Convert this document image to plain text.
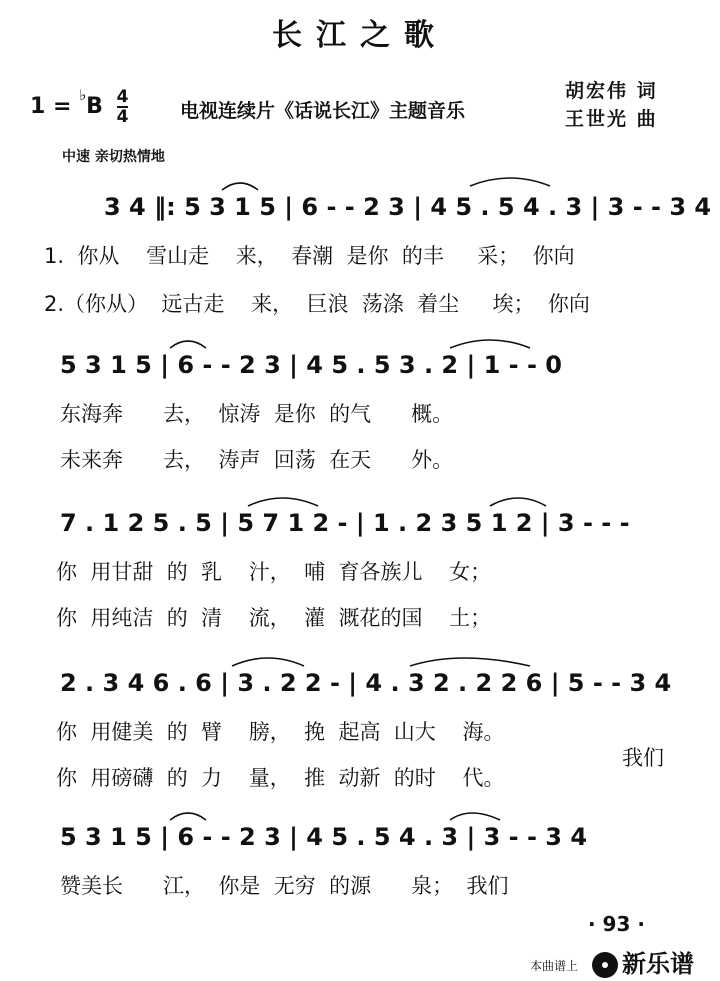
长江之歌
$1 = ^♭B \frac{4}{4}$	电视连续片《话说长江》主题音乐
胡宏伟 词
王世光 曲
中速 亲切热情地
3 4 ‖: 5 3 1 5 | 6 - - 2 3 | 4 5 . 5 4 . 3 | 3 - - 3 4
1.  你从    雪山走    来，  春潮  是你  的丰     采；  你向
2.（你从）  远古走    来，  巨浪  荡涤  着尘     埃；  你向
5 3 1 5 | 6 - - 2 3 | 4 5 . 5 3 . 2 | 1 - - 0
东海奔      去，  惊涛  是你  的气      概。
未来奔      去，  涛声  回荡  在天      外。
7 . 1 2 5 . 5 | 5 7 1 2 - | 1 . 2 3 5 1 2 | 3 - - -
你  用甘甜  的  乳    汁，  哺  育各族儿    女；
你  用纯洁  的  清    流，  灌  溉花的国    土；
2 . 3 4 6 . 6 | 3 . 2 2 - | 4 . 3 2 . 2 2 6 | 5 - - 3 4
你  用健美  的  臂    膀，  挽  起高  山大    海。
你  用磅礴  的  力    量，  推  动新  的时    代。
我们
5 3 1 5 | 6 - - 2 3 | 4 5 . 5 4 . 3 | 3 - - 3 4
赞美长      江，  你是  无穷  的源      泉；  我们
· 93 ·
本曲谱上	新乐谱
